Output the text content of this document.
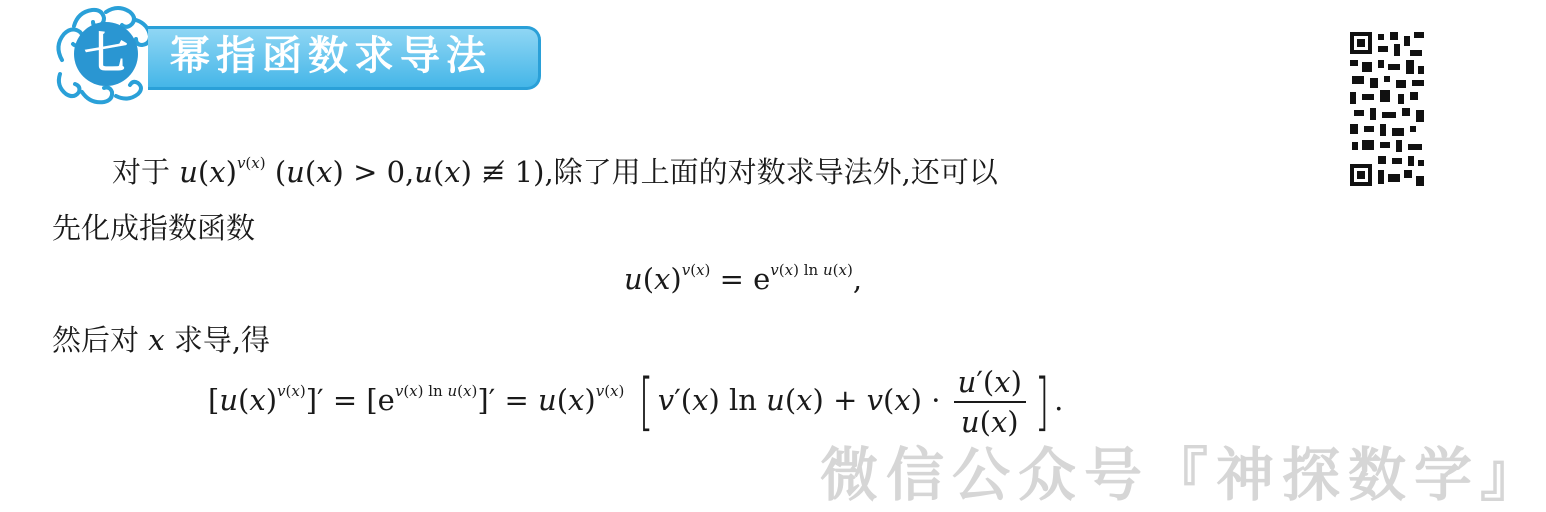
七 幂指函数求导法
对于 $u(x)^{v(x)}$ (u(x) > 0,u(x) ≢ 1),除了用上面的对数求导法外,还可以
先化成指数函数
$u(x)^{v(x)} = e^{v(x) ln u(x)}$,
然后对 x 求导,得
$[u(x)^{v(x)}]' = [e^{v(x) ln u(x)}]' = u(x)^{v(x)}$ [ v′(x) $\ln u(x) + v(x) \cdot \frac{u'(x)}{u(x)}$ ] .
微信公众号『神探数学』
